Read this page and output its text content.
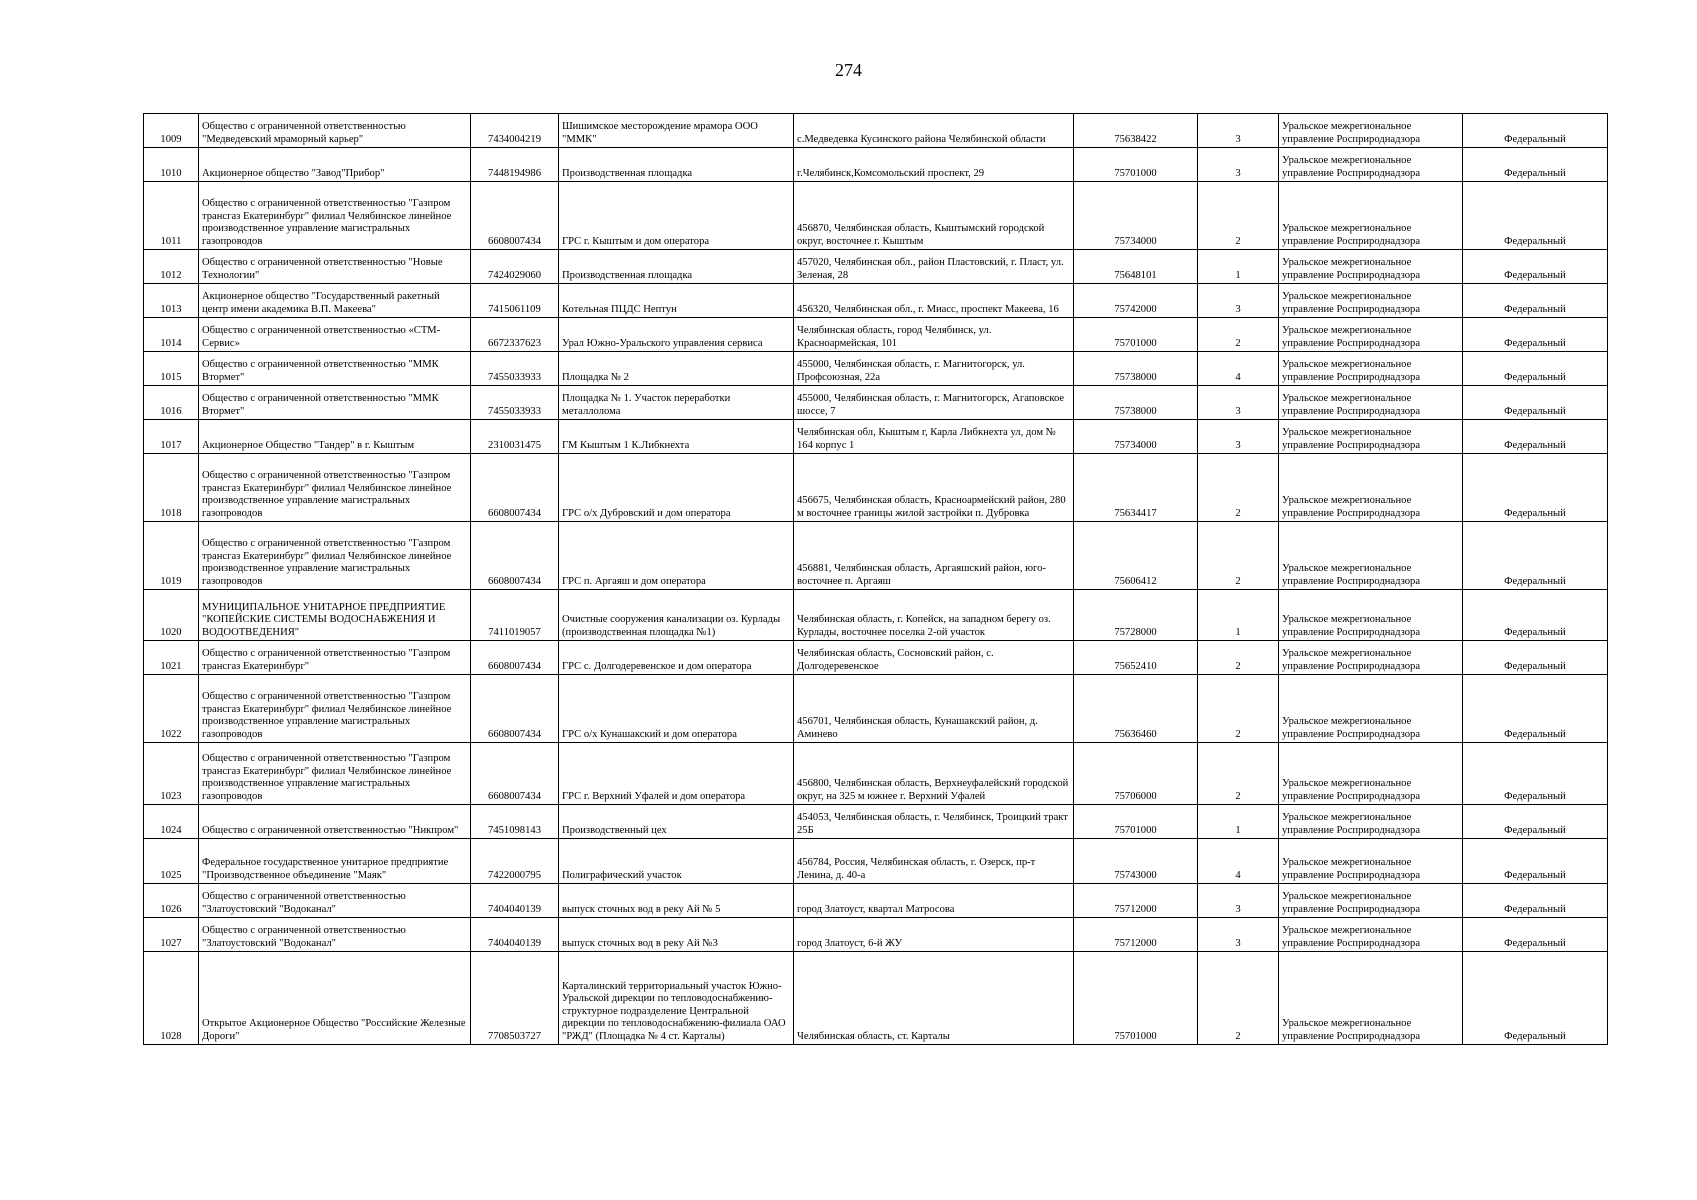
274
1009	Общество с ограниченной ответственностью "Медведевский мраморный карьер"	7434004219	Шишимское месторождение мрамора ООО "ММК"	с.Медведевка Кусинского района Челябинской области	75638422	3	Уральское межрегиональное управление Росприроднадзора	Федеральный
1010	Акционерное общество "Завод"Прибор"	7448194986	Производственная площадка	г.Челябинск,Комсомольский проспект, 29	75701000	3	Уральское межрегиональное управление Росприроднадзора	Федеральный
1011	Общество с ограниченной ответственностью "Газпром трансгаз Екатеринбург" филиал Челябинское линейное производственное управление магистральных газопроводов	6608007434	ГРС г. Кыштым и дом оператора	456870, Челябинская область, Кыштымский городской округ, восточнее г. Кыштым	75734000	2	Уральское межрегиональное управление Росприроднадзора	Федеральный
1012	Общество с ограниченной ответственностью "Новые Технологии"	7424029060	Производственная площадка	457020, Челябинская обл., район Пластовский, г. Пласт, ул. Зеленая, 28	75648101	1	Уральское межрегиональное управление Росприроднадзора	Федеральный
1013	Акционерное общество "Государственный ракетный центр имени академика В.П. Макеева"	7415061109	Котельная ПЦДС Нептун	456320, Челябинская обл., г. Миасс, проспект Макеева, 16	75742000	3	Уральское межрегиональное управление Росприроднадзора	Федеральный
1014	Общество с ограниченной ответственностью «СТМ-Сервис»	6672337623	Урал Южно-Уральского управления сервиса	Челябинская область, город Челябинск, ул. Красноармейская, 101	75701000	2	Уральское межрегиональное управление Росприроднадзора	Федеральный
1015	Общество с ограниченной ответственностью "ММК Втормет"	7455033933	Площадка № 2	455000, Челябинская область, г. Магнитогорск, ул. Профсоюзная, 22а	75738000	4	Уральское межрегиональное управление Росприроднадзора	Федеральный
1016	Общество с ограниченной ответственностью "ММК Втормет"	7455033933	Площадка № 1. Участок переработки металлолома	455000, Челябинская область, г. Магнитогорск, Агаповское шоссе, 7	75738000	3	Уральское межрегиональное управление Росприроднадзора	Федеральный
1017	Акционерное Общество "Тандер" в г. Кыштым	2310031475	ГМ Кыштым 1 К.Либкнехта	Челябинская обл, Кыштым г, Карла Либкнехта ул, дом № 164 корпус 1	75734000	3	Уральское межрегиональное управление Росприроднадзора	Федеральный
1018	Общество с ограниченной ответственностью "Газпром трансгаз Екатеринбург" филиал Челябинское линейное производственное управление магистральных газопроводов	6608007434	ГРС о/х Дубровский и дом оператора	456675, Челябинская область, Красноармейский район, 280 м восточнее границы жилой застройки п. Дубровка	75634417	2	Уральское межрегиональное управление Росприроднадзора	Федеральный
1019	Общество с ограниченной ответственностью "Газпром трансгаз Екатеринбург" филиал Челябинское линейное производственное управление магистральных газопроводов	6608007434	ГРС п. Аргаяш и дом оператора	456881, Челябинская область, Аргаяшский район, юго-восточнее п. Аргаяш	75606412	2	Уральское межрегиональное управление Росприроднадзора	Федеральный
1020	МУНИЦИПАЛЬНОЕ УНИТАРНОЕ ПРЕДПРИЯТИЕ "КОПЕЙСКИЕ СИСТЕМЫ ВОДОСНАБЖЕНИЯ И ВОДООТВЕДЕНИЯ"	7411019057	Очистные сооружения канализации оз. Курлады (производственная площадка №1)	Челябинская область, г. Копейск, на западном берегу оз. Курлады, восточнее поселка 2-ой участок	75728000	1	Уральское межрегиональное управление Росприроднадзора	Федеральный
1021	Общество с ограниченной ответственностью "Газпром трансгаз Екатеринбург"	6608007434	ГРС с. Долгодеревенское и дом оператора	Челябинская область, Сосновский район, с. Долгодеревенское	75652410	2	Уральское межрегиональное управление Росприроднадзора	Федеральный
1022	Общество с ограниченной ответственностью "Газпром трансгаз Екатеринбург" филиал Челябинское линейное производственное управление магистральных газопроводов	6608007434	ГРС о/х Кунашакский и дом оператора	456701, Челябинская область, Кунашакский район, д. Аминево	75636460	2	Уральское межрегиональное управление Росприроднадзора	Федеральный
1023	Общество с ограниченной ответственностью "Газпром трансгаз Екатеринбург" филиал Челябинское линейное производственное управление магистральных газопроводов	6608007434	ГРС г. Верхний Уфалей и дом оператора	456800, Челябинская область, Верхнеуфалейский городской округ, на 325 м южнее г. Верхний Уфалей	75706000	2	Уральское межрегиональное управление Росприроднадзора	Федеральный
1024	Общество с ограниченной ответственностью "Никпром"	7451098143	Производственный цех	454053, Челябинская область, г. Челябинск, Троицкий тракт 25Б	75701000	1	Уральское межрегиональное управление Росприроднадзора	Федеральный
1025	Федеральное государственное унитарное предприятие "Производственное объединение "Маяк"	7422000795	Полиграфический участок	456784, Россия, Челябинская область, г. Озерск, пр-т Ленина, д. 40-а	75743000	4	Уральское межрегиональное управление Росприроднадзора	Федеральный
1026	Общество с ограниченной ответственностью "Златоустовский "Водоканал"	7404040139	выпуск сточных вод в реку Ай № 5	город Златоуст, квартал Матросова	75712000	3	Уральское межрегиональное управление Росприроднадзора	Федеральный
1027	Общество с ограниченной ответственностью "Златоустовский "Водоканал"	7404040139	выпуск сточных вод в реку Ай №3	город Златоуст, 6-й ЖУ	75712000	3	Уральское межрегиональное управление Росприроднадзора	Федеральный
1028	Открытое Акционерное Общество "Российские Железные Дороги"	7708503727	Карталинский территориальный участок Южно-Уральской дирекции по тепловодоснабжению-структурное подразделение Центральной дирекции по тепловодоснабжению-филиала ОАО "РЖД" (Площадка № 4 ст. Карталы)	Челябинская область, ст. Карталы	75701000	2	Уральское межрегиональное управление Росприроднадзора	Федеральный
